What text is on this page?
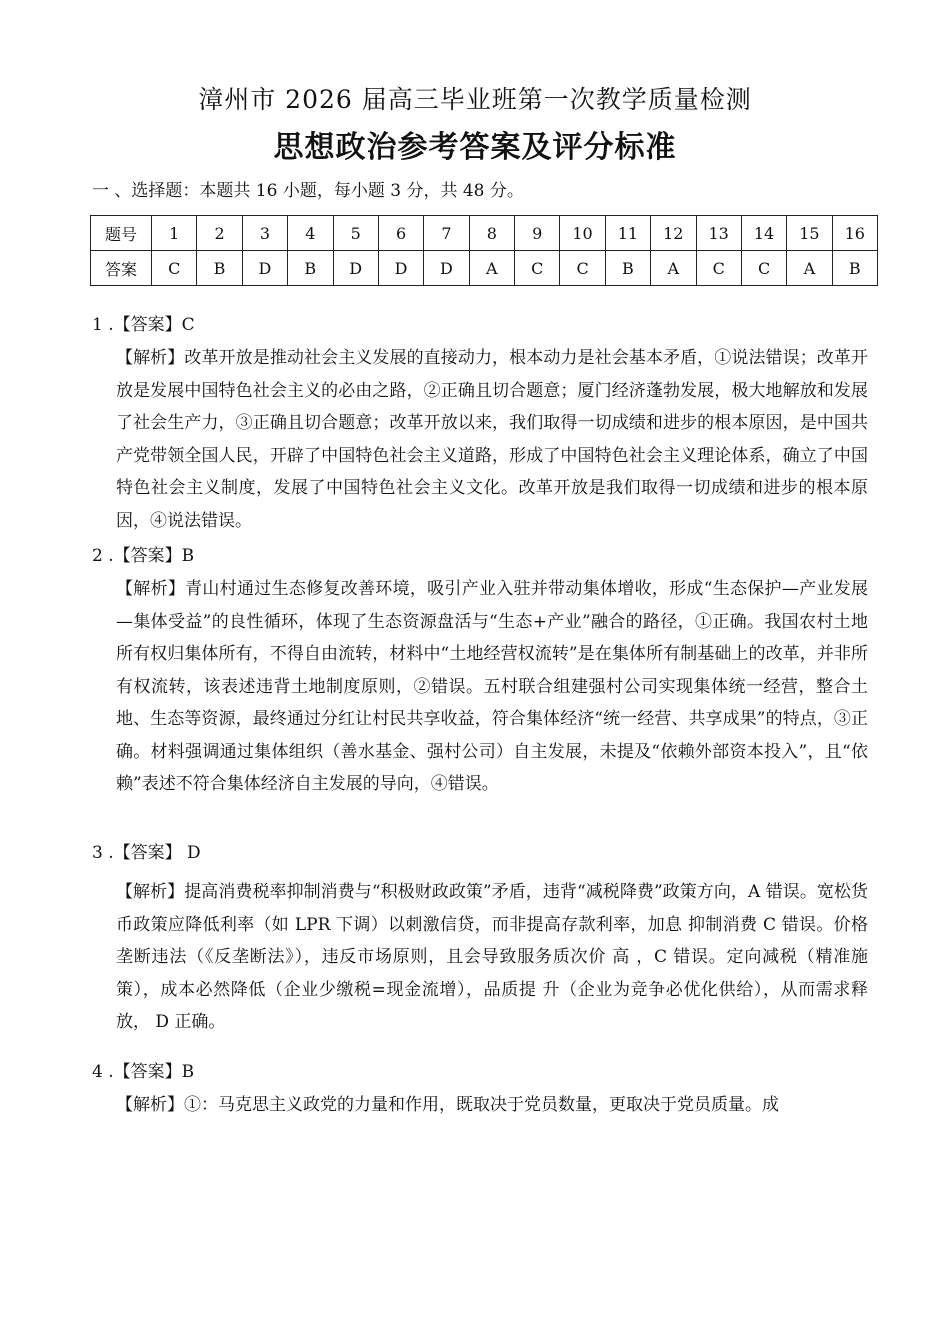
漳州市 2026 届高三毕业班第一次教学质量检测
思想政治参考答案及评分标准
一 、选择题：本题共 16 小题，每小题 3 分，共 48 分。
题号	1	2	3	4	5	6	7	8	9	10	11	12	13	14	15	16
答案	C	B	D	B	D	D	D	A	C	C	B	A	C	C	A	B
1 .【答案】C
【解析】改革开放是推动社会主义发展的直接动力，根本动力是社会基本矛盾，①说法错误；改革开放是发展中国特色社会主义的必由之路，②正确且切合题意；厦门经济蓬勃发展，极大地解放和发展了社会生产力，③正确且切合题意；改革开放以来，我们取得一切成绩和进步的根本原因，是中国共产党带领全国人民，开辟了中国特色社会主义道路，形成了中国特色社会主义理论体系，确立了中国特色社会主义制度，发展了中国特色社会主义文化。改革开放是我们取得一切成绩和进步的根本原因，④说法错误。
2 .【答案】B
【解析】青山村通过生态修复改善环境，吸引产业入驻并带动集体增收，形成“生态保护—产业发展—集体受益”的良性循环，体现了生态资源盘活与“生态+产业”融合的路径，①正确。我国农村土地所有权归集体所有，不得自由流转，材料中“土地经营权流转”是在集体所有制基础上的改革，并非所有权流转，该表述违背土地制度原则，②错误。五村联合组建强村公司实现集体统一经营，整合土地、生态等资源，最终通过分红让村民共享收益，符合集体经济“统一经营、共享成果”的特点，③正确。材料强调通过集体组织（善水基金、强村公司）自主发展，未提及“依赖外部资本投入”，且“依赖”表述不符合集体经济自主发展的导向，④错误。
3 .【答案】 D
【解析】提高消费税率抑制消费与“积极财政政策”矛盾，违背“减税降费”政策方向，A 错误。宽松货币政策应降低利率（如 LPR 下调）以刺激信贷，而非提高存款利率，加息 抑制消费 C 错误。价格垄断违法（《反垄断法》），违反市场原则，且会导致服务质次价 高 ，C 错误。定向减税（精准施策），成本必然降低（企业少缴税=现金流增），品质提 升（企业为竞争必优化供给），从而需求释放， D 正确。
4 .【答案】B
【解析】①：马克思主义政党的力量和作用，既取决于党员数量，更取决于党员质量。成
